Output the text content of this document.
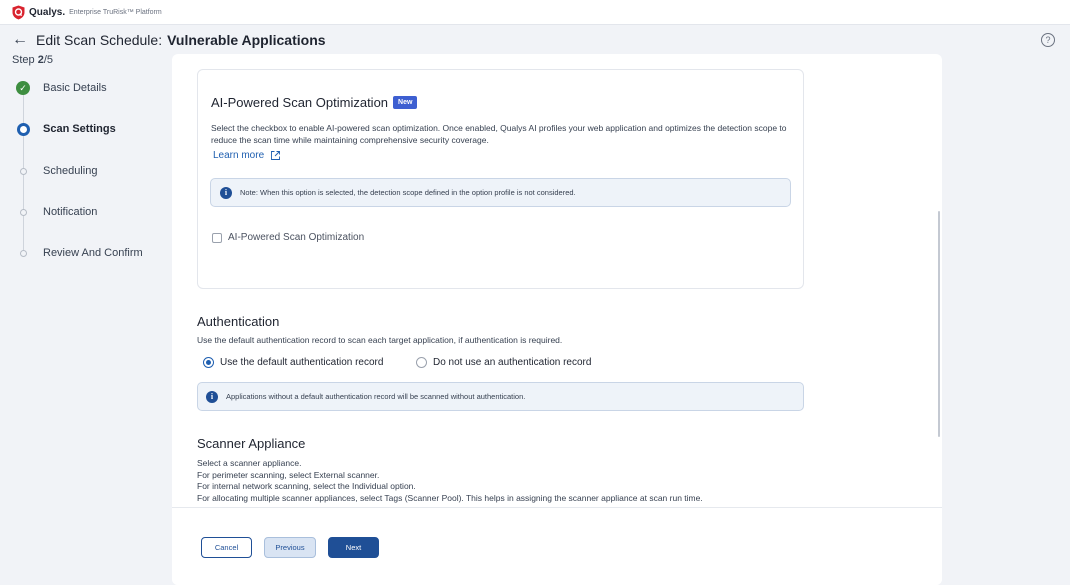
Qualys. Enterprise TruRisk™ Platform
← Edit Scan Schedule: Vulnerable Applications	?
Step 2/5
✓ Basic Details
Scan Settings
Scheduling
Notification
Review And Confirm
AI-Powered Scan Optimization	New
Select the checkbox to enable AI-powered scan optimization. Once enabled, Qualys AI profiles your web application and optimizes the detection scope to reduce the scan time while maintaining comprehensive security coverage.
Learn more
i	Note: When this option is selected, the detection scope defined in the option profile is not considered.
AI-Powered Scan Optimization
Authentication
Use the default authentication record to scan each target application, if authentication is required.
Use the default authentication record	Do not use an authentication record
i	Applications without a default authentication record will be scanned without authentication.
Scanner Appliance
Select a scanner appliance.
For perimeter scanning, select External scanner.
For internal network scanning, select the Individual option.
For allocating multiple scanner appliances, select Tags (Scanner Pool). This helps in assigning the scanner appliance at scan run time.
Cancel	Previous	Next
